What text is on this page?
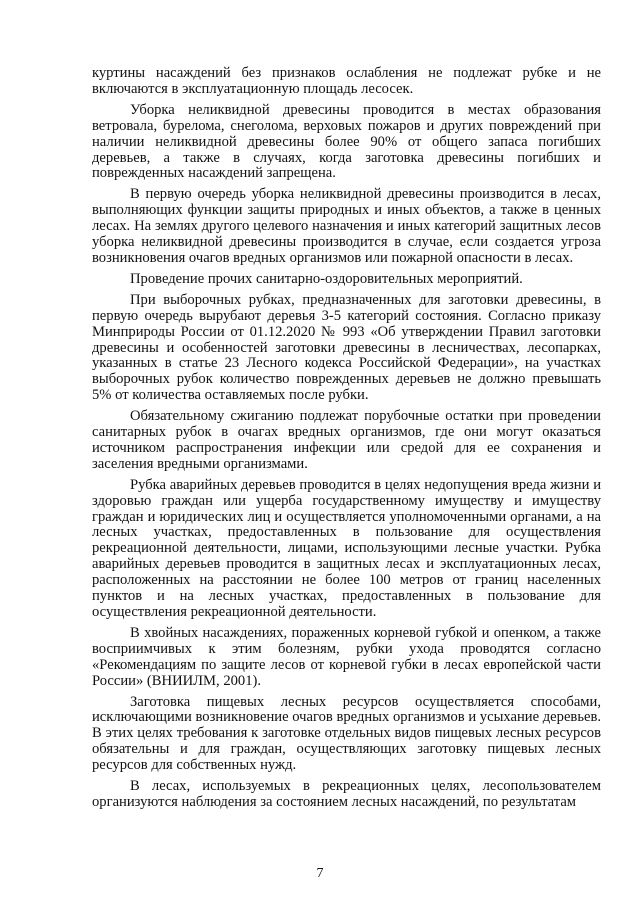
куртины насаждений без признаков ослабления не подлежат рубке и не включаются в эксплуатационную площадь лесосек.

Уборка неликвидной древесины проводится в местах образования ветровала, бурелома, снеголома, верховых пожаров и других повреждений при наличии неликвидной древесины более 90% от общего запаса погибших деревьев, а также в случаях, когда заготовка древесины погибших и поврежденных насаждений запрещена.

В первую очередь уборка неликвидной древесины производится в лесах, выполняющих функции защиты природных и иных объектов, а также в ценных лесах. На землях другого целевого назначения и иных категорий защитных лесов уборка неликвидной древесины производится в случае, если создается угроза возникновения очагов вредных организмов или пожарной опасности в лесах.

Проведение прочих санитарно-оздоровительных мероприятий.

При выборочных рубках, предназначенных для заготовки древесины, в первую очередь вырубают деревья 3-5 категорий состояния. Согласно приказу Минприроды России от 01.12.2020 № 993 «Об утверждении Правил заготовки древесины и особенностей заготовки древесины в лесничествах, лесопарках, указанных в статье 23 Лесного кодекса Российской Федерации», на участках выборочных рубок количество поврежденных деревьев не должно превышать 5% от количества оставляемых после рубки.

Обязательному сжиганию подлежат порубочные остатки при проведении санитарных рубок в очагах вредных организмов, где они могут оказаться источником распространения инфекции или средой для ее сохранения и заселения вредными организмами.

Рубка аварийных деревьев проводится в целях недопущения вреда жизни и здоровью граждан или ущерба государственному имуществу и имуществу граждан и юридических лиц и осуществляется уполномоченными органами, а на лесных участках, предоставленных в пользование для осуществления рекреационной деятельности, лицами, использующими лесные участки. Рубка аварийных деревьев проводится в защитных лесах и эксплуатационных лесах, расположенных на расстоянии не более 100 метров от границ населенных пунктов и на лесных участках, предоставленных в пользование для осуществления рекреационной деятельности.

В хвойных насаждениях, пораженных корневой губкой и опенком, а также восприимчивых к этим болезням, рубки ухода проводятся согласно «Рекомендациям по защите лесов от корневой губки в лесах европейской части России» (ВНИИЛМ, 2001).

Заготовка пищевых лесных ресурсов осуществляется способами, исключающими возникновение очагов вредных организмов и усыхание деревьев. В этих целях требования к заготовке отдельных видов пищевых лесных ресурсов обязательны и для граждан, осуществляющих заготовку пищевых лесных ресурсов для собственных нужд.

В лесах, используемых в рекреационных целях, лесопользователем организуются наблюдения за состоянием лесных насаждений, по результатам

7
